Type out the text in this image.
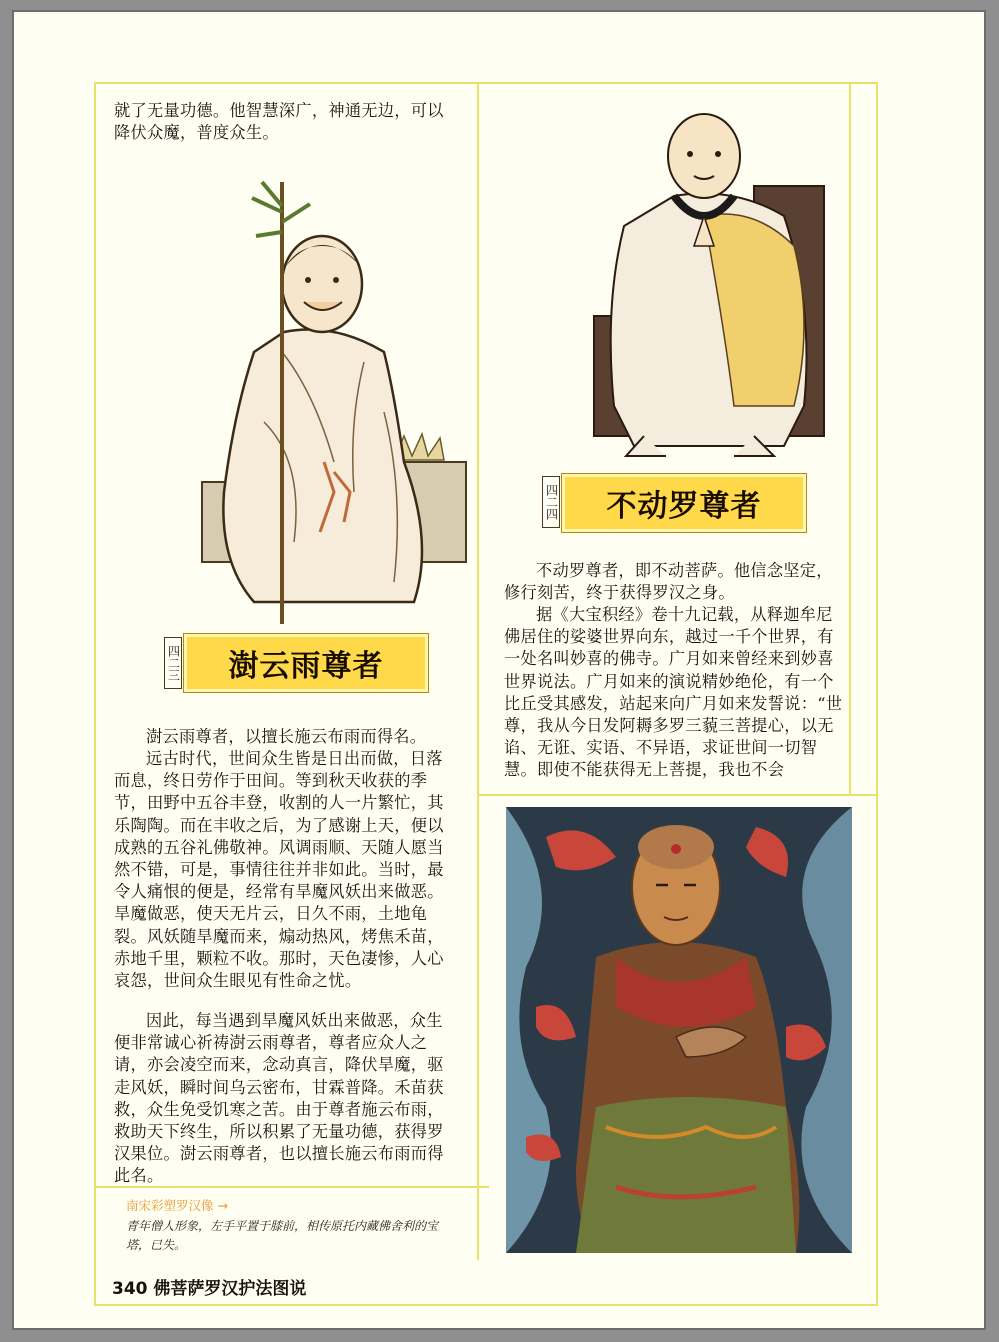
就了无量功德。他智慧深广，神通无边，可以降伏众魔，普度众生。

四二三 澍云雨尊者

澍云雨尊者，以擅长施云布雨而得名。

远古时代，世间众生皆是日出而做，日落而息，终日劳作于田间。等到秋天收获的季节，田野中五谷丰登，收割的人一片繁忙，其乐陶陶。而在丰收之后，为了感谢上天，便以成熟的五谷礼佛敬神。风调雨顺、天随人愿当然不错，可是，事情往往并非如此。当时，最令人痛恨的便是，经常有旱魔风妖出来做恶。旱魔做恶，使天无片云，日久不雨，土地龟裂。风妖随旱魔而来，煽动热风，烤焦禾苗，赤地千里，颗粒不收。那时，天色凄惨，人心哀怨，世间众生眼见有性命之忧。

因此，每当遇到旱魔风妖出来做恶，众生便非常诚心祈祷澍云雨尊者，尊者应众人之请，亦会凌空而来，念动真言，降伏旱魔，驱走风妖，瞬时间乌云密布，甘霖普降。禾苗获救，众生免受饥寒之苦。由于尊者施云布雨，救助天下终生，所以积累了无量功德，获得罗汉果位。澍云雨尊者，也以擅长施云布雨而得此名。

南宋彩塑罗汉像 →

青年僧人形象，左手平置于膝前，相传原托内藏佛舍利的宝塔，已失。

四二四 不动罗尊者

不动罗尊者，即不动菩萨。他信念坚定，修行刻苦，终于获得罗汉之身。

据《大宝积经》卷十九记载，从释迦牟尼佛居住的娑婆世界向东，越过一千个世界，有一处名叫妙喜的佛寺。广月如来曾经来到妙喜世界说法。广月如来的演说精妙绝伦，有一个比丘受其感发，站起来向广月如来发誓说：“世尊，我从今日发阿耨多罗三藐三菩提心，以无谄、无诳、实语、不异语，求证世间一切智慧。即使不能获得无上菩提，我也不会

340 佛菩萨罗汉护法图说
